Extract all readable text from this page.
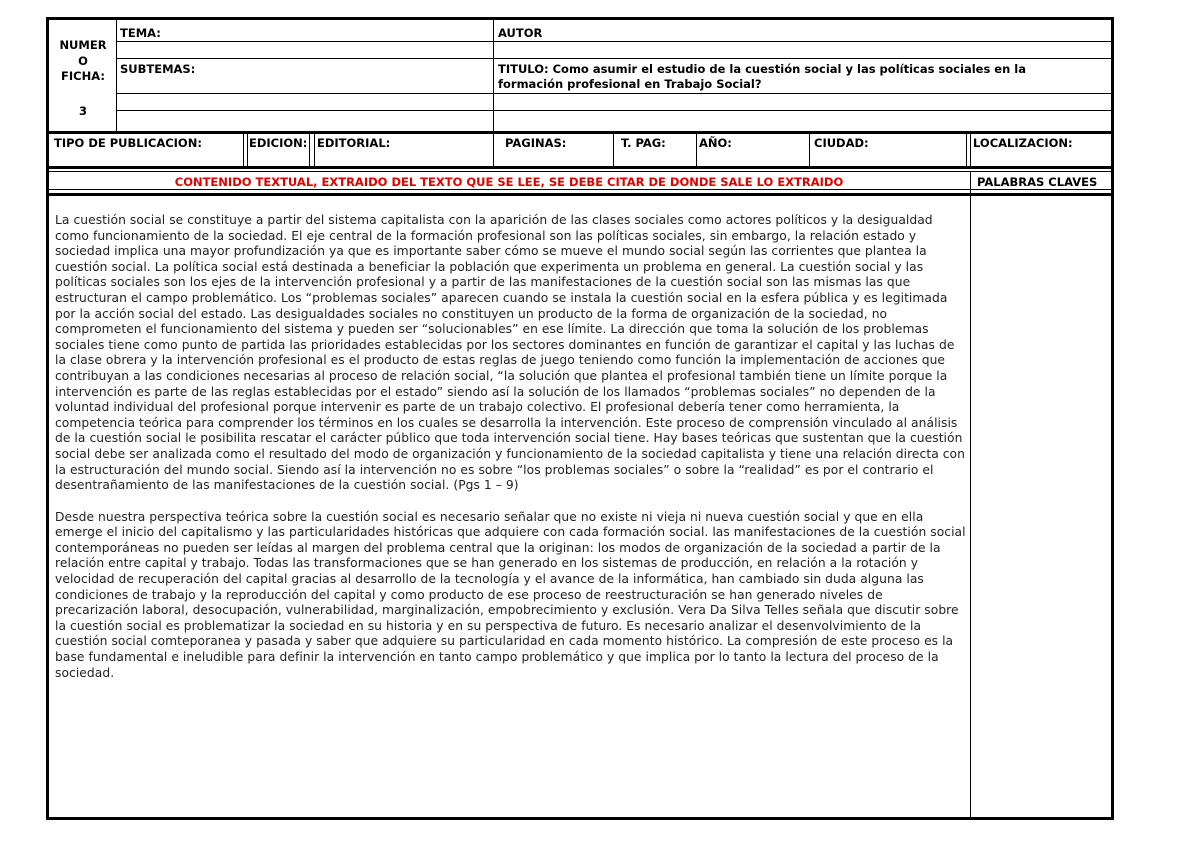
NUMER
O
FICHA:
3
TEMA:	AUTOR
SUBTEMAS:	TITULO: Como asumir el estudio de la cuestión social y las políticas sociales en la
formación profesional en Trabajo Social?
TIPO DE PUBLICACION:	EDICION: EDITORIAL:	PAGINAS:	T. PAG:	AÑO:	CIUDAD:	LOCALIZACION:
CONTENIDO TEXTUAL, EXTRAIDO DEL TEXTO QUE SE LEE, SE DEBE CITAR DE DONDE SALE LO EXTRAIDO	PALABRAS CLAVES

La cuestión social se constituye a partir del sistema capitalista con la aparición de las clases sociales como actores políticos y la desigualdad como funcionamiento de la sociedad. El eje central de la formación profesional son las políticas sociales, sin embargo, la relación estado y sociedad implica una mayor profundización ya que es importante saber cómo se mueve el mundo social según las corrientes que plantea la cuestión social. La política social está destinada a beneficiar la población que experimenta un problema en general. La cuestión social y las políticas sociales son los ejes de la intervención profesional y a partir de las manifestaciones de la cuestión social son las mismas las que estructuran el campo problemático. Los “problemas sociales” aparecen cuando se instala la cuestión social en la esfera pública y es legitimada por la acción social del estado. Las desigualdades sociales no constituyen un producto de la forma de organización de la sociedad, no comprometen el funcionamiento del sistema y pueden ser “solucionables” en ese límite. La dirección que toma la solución de los problemas sociales tiene como punto de partida las prioridades establecidas por los sectores dominantes en función de garantizar el capital y las luchas de la clase obrera y la intervención profesional es el producto de estas reglas de juego teniendo como función la implementación de acciones que contribuyan a las condiciones necesarias al proceso de relación social, “la solución que plantea el profesional también tiene un límite porque la intervención es parte de las reglas establecidas por el estado” siendo así la solución de los llamados “problemas sociales” no dependen de la voluntad individual del profesional porque intervenir es parte de un trabajo colectivo. El profesional debería tener como herramienta, la competencia teórica para comprender los términos en los cuales se desarrolla la intervención. Este proceso de comprensión vinculado al análisis de la cuestión social le posibilita rescatar el carácter público que toda intervención social tiene. Hay bases teóricas que sustentan que la cuestión social debe ser analizada como el resultado del modo de organización y funcionamiento de la sociedad capitalista y tiene una relación directa con la estructuración del mundo social. Siendo así la intervención no es sobre “los problemas sociales” o sobre la “realidad” es por el contrario el desentrañamiento de las manifestaciones de la cuestión social. (Pgs 1 – 9)

Desde nuestra perspectiva teórica sobre la cuestión social es necesario señalar que no existe ni vieja ni nueva cuestión social y que en ella emerge el inicio del capitalismo y las particularidades históricas que adquiere con cada formación social. las manifestaciones de la cuestión social contemporáneas no pueden ser leídas al margen del problema central que la originan: los modos de organización de la sociedad a partir de la relación entre capital y trabajo. Todas las transformaciones que se han generado en los sistemas de producción, en relación a la rotación y velocidad de recuperación del capital gracias al desarrollo de la tecnología y el avance de la informática, han cambiado sin duda alguna las condiciones de trabajo y la reproducción del capital y como producto de ese proceso de reestructuración se han generado niveles de precarización laboral, desocupación, vulnerabilidad, marginalización, empobrecimiento y exclusión. Vera Da Silva Telles señala que discutir sobre la cuestión social es problematizar la sociedad en su historia y en su perspectiva de futuro. Es necesario analizar el desenvolvimiento de la cuestión social comteporanea y pasada y saber que adquiere su particularidad en cada momento histórico. La compresión de este proceso es la base fundamental e ineludible para definir la intervención en tanto campo problemático y que implica por lo tanto la lectura del proceso de la sociedad.
